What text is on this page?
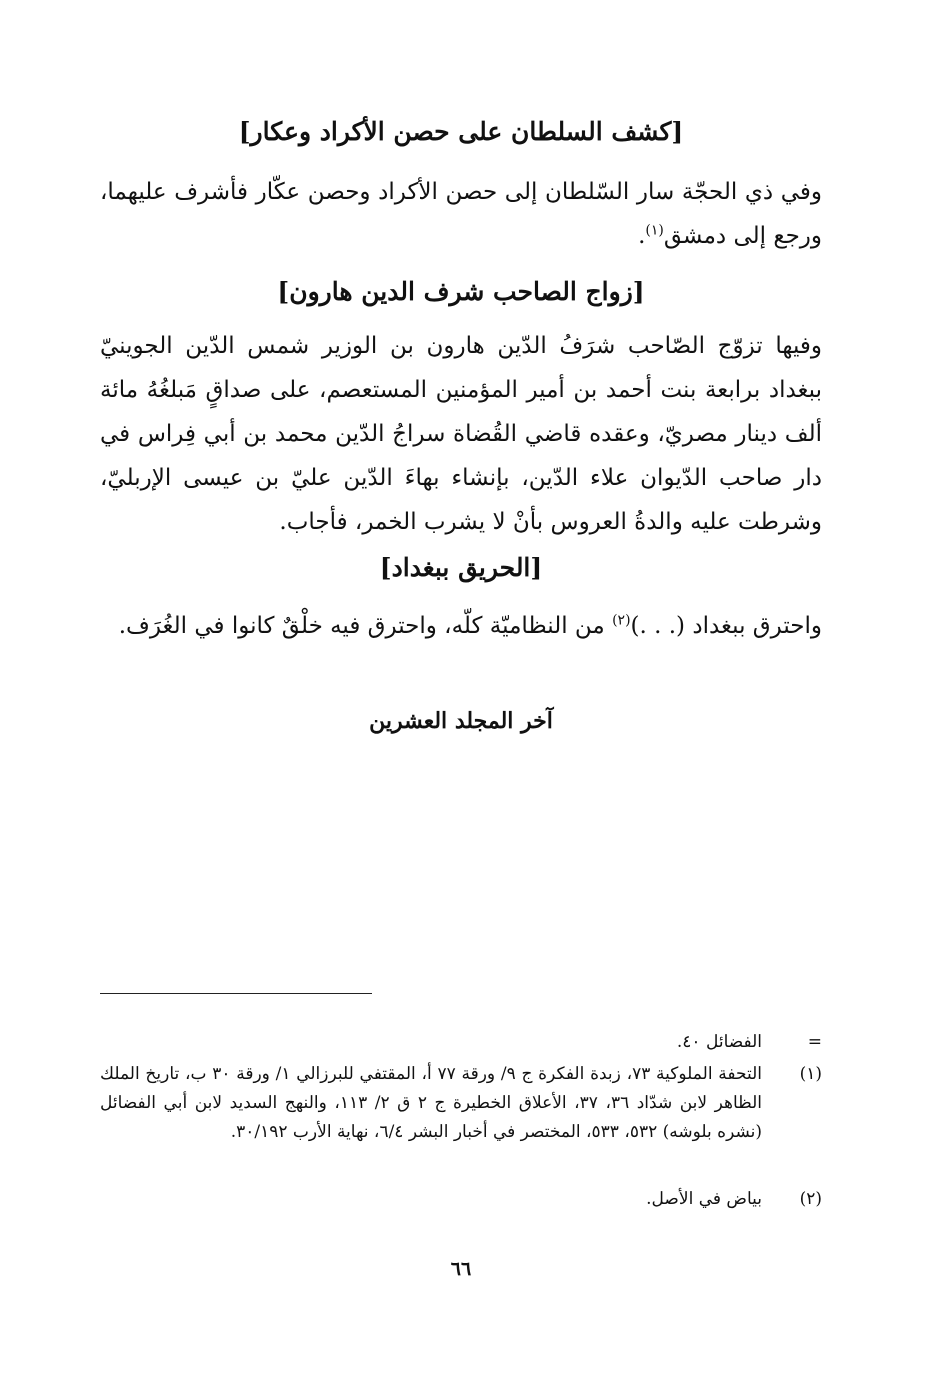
[كشف السلطان على حصن الأكراد وعكار]

وفي ذي الحجّة سار السّلطان إلى حصن الأكراد وحصن عكّار فأشرف عليهما، ورجع إلى دمشق$^{(١)}$.

[زواج الصاحب شرف الدين هارون]

وفيها تزوّج الصّاحب شرَفُ الدّين هارون بن الوزير شمس الدّين الجوينيّ ببغداد برابعة بنت أحمد بن أمير المؤمنين المستعصم، على صداقٍ مَبلغُهُ مائة ألف دينار مصريّ، وعقده قاضي القُضاة سراجُ الدّين محمد بن أبي فِراس في دار صاحب الدّيوان علاء الدّين، بإنشاء بهاءَ الدّين عليّ بن عيسى الإربليّ، وشرطت عليه والدةُ العروس بأنْ لا يشرب الخمر، فأجاب.

[الحريق ببغداد]

واحترق ببغداد (. . .)$^{(٢)}$ من النظاميّة كلّه، واحترق فيه خلْقٌ كانوا في الغُرَف.

آخر المجلد العشرين
=
الفضائل ٤٠.
(١)
التحفة الملوكية ٧٣، زبدة الفكرة ج ٩/ ورقة ٧٧ أ، المقتفي للبرزالي ١/ ورقة ٣٠ ب، تاريخ الملك الظاهر لابن شدّاد ٣٦، ٣٧، الأعلاق الخطيرة ج ٢ ق ٢/ ١١٣، والنهج السديد لابن أبي الفضائل (نشره بلوشه) ٥٣٢، ٥٣٣، المختصر في أخبار البشر ٦/٤، نهاية الأرب ٣٠/١٩٢.
(٢)
بياض في الأصل.
٦٦
